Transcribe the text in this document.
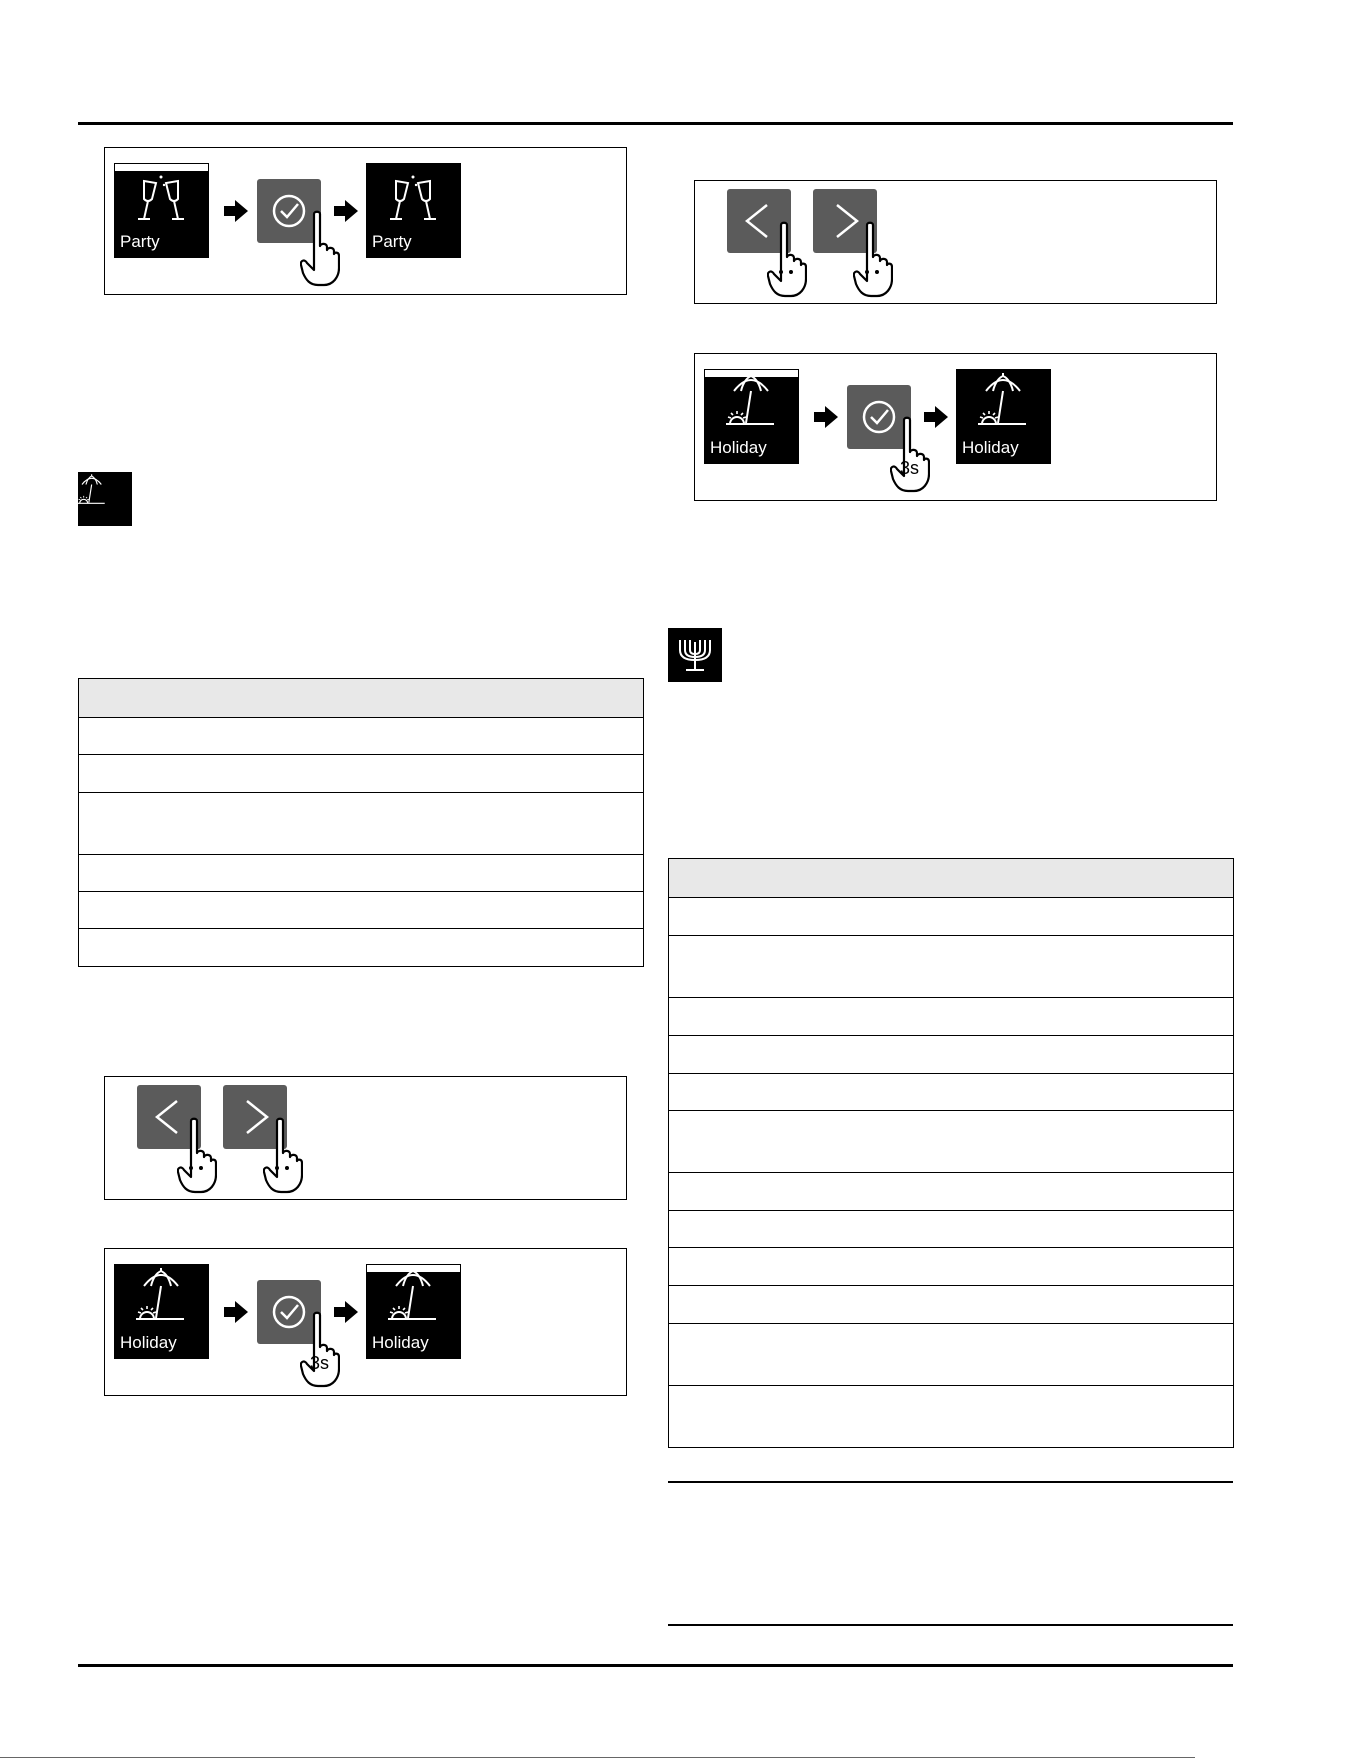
Party	Party
Holiday
3s
Holiday
Holiday
3s
Holiday
